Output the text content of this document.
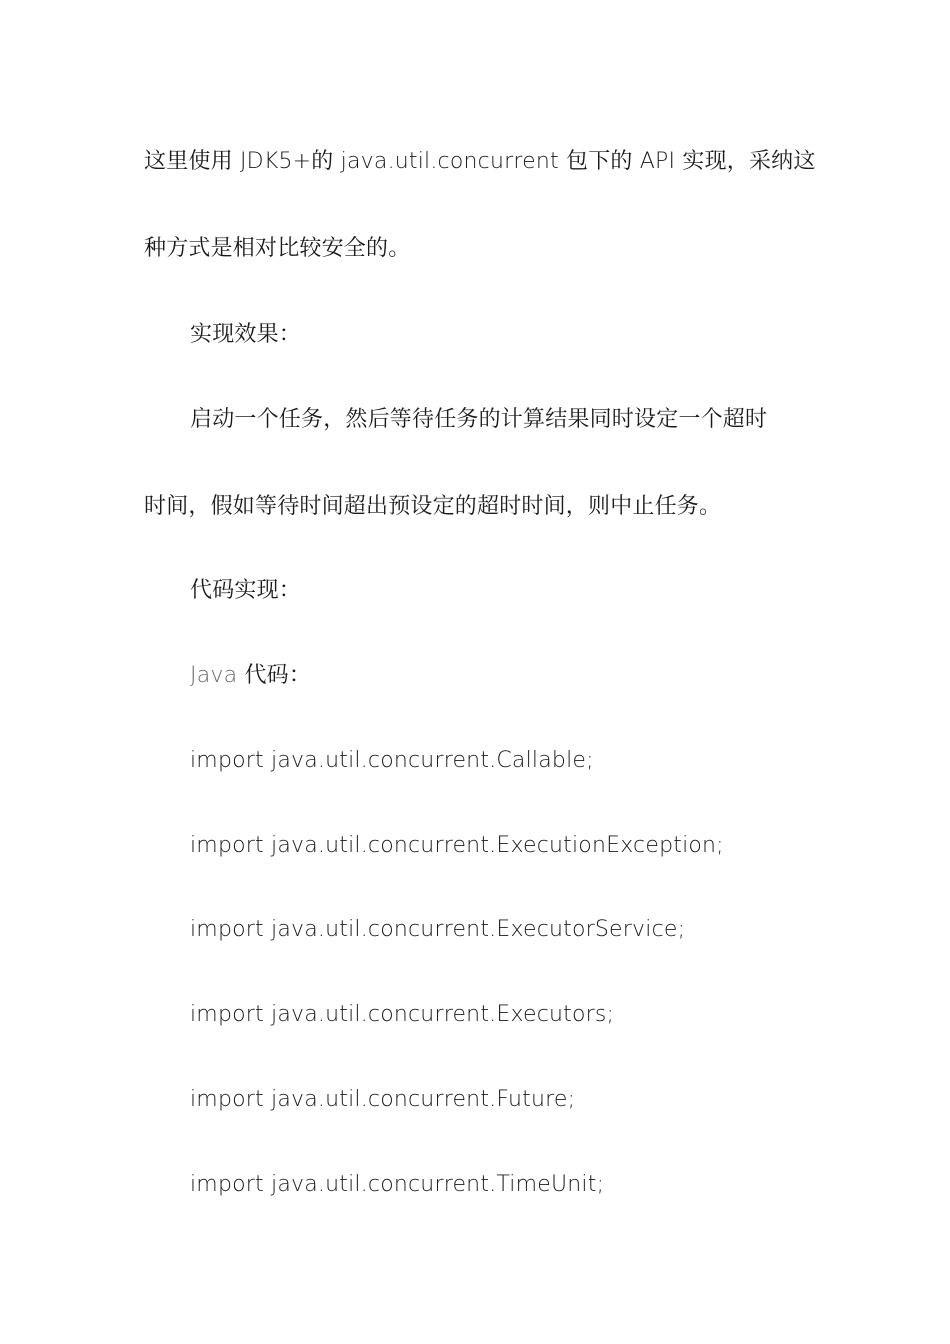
这里使用 JDK5+的 java.util.concurrent 包下的 API 实现，采纳这
种方式是相对比较安全的。
实现效果：
启动一个任务，然后等待任务的计算结果同时设定一个超时
时间，假如等待时间超出预设定的超时时间，则中止任务。
代码实现：
Java 代码：
import java.util.concurrent.Callable;
import java.util.concurrent.ExecutionException;
import java.util.concurrent.ExecutorService;
import java.util.concurrent.Executors;
import java.util.concurrent.Future;
import java.util.concurrent.TimeUnit;
